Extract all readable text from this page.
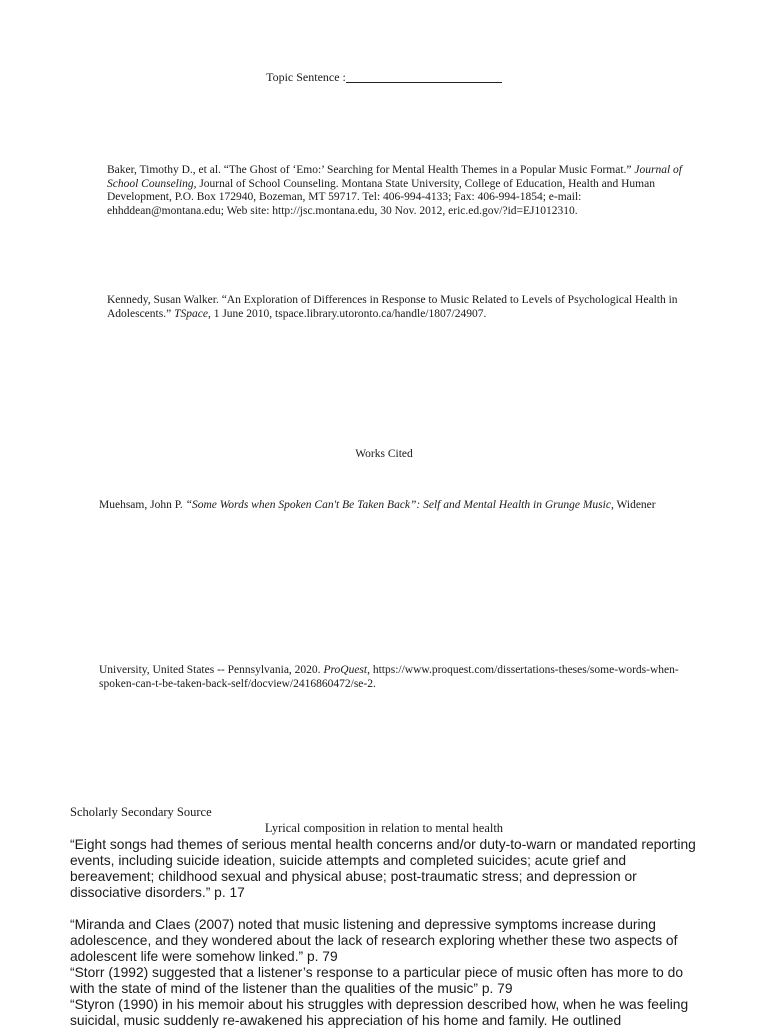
Topic Sentence :
Baker, Timothy D., et al. “The Ghost of ‘Emo:’ Searching for Mental Health Themes in a Popular Music Format.” Journal of School Counseling, Journal of School Counseling. Montana State University, College of Education, Health and Human Development, P.O. Box 172940, Bozeman, MT 59717. Tel: 406-994-4133; Fax: 406-994-1854; e-mail: ehhddean@montana.edu; Web site: http://jsc.montana.edu, 30 Nov. 2012, eric.ed.gov/?id=EJ1012310.
Kennedy, Susan Walker. “An Exploration of Differences in Response to Music Related to Levels of Psychological Health in Adolescents.” TSpace, 1 June 2010, tspace.library.utoronto.ca/handle/1807/24907.
Works Cited
Muehsam, John P. “Some Words when Spoken Can't Be Taken Back”: Self and Mental Health in Grunge Music, Widener
University, United States -- Pennsylvania, 2020. ProQuest, https://www.proquest.com/dissertations-theses/some-words-when-spoken-can-t-be-taken-back-self/docview/2416860472/se-2.
Scholarly Secondary Source
Lyrical composition in relation to mental health

“Eight songs had themes of serious mental health concerns and/or duty-to-warn or mandated reporting events, including suicide ideation, suicide attempts and completed suicides; acute grief and bereavement; childhood sexual and physical abuse; post-traumatic stress; and depression or dissociative disorders.” p. 17

“Miranda and Claes (2007) noted that music listening and depressive symptoms increase during adolescence, and they wondered about the lack of research exploring whether these two aspects of adolescent life were somehow linked.” p. 79

“Storr (1992) suggested that a listener’s response to a particular piece of music often has more to do with the state of mind of the listener than the qualities of the music” p. 79

“Styron (1990) in his memoir about his struggles with depression described how, when he was feeling suicidal, music suddenly re-awakened his appreciation of his home and family. He outlined
